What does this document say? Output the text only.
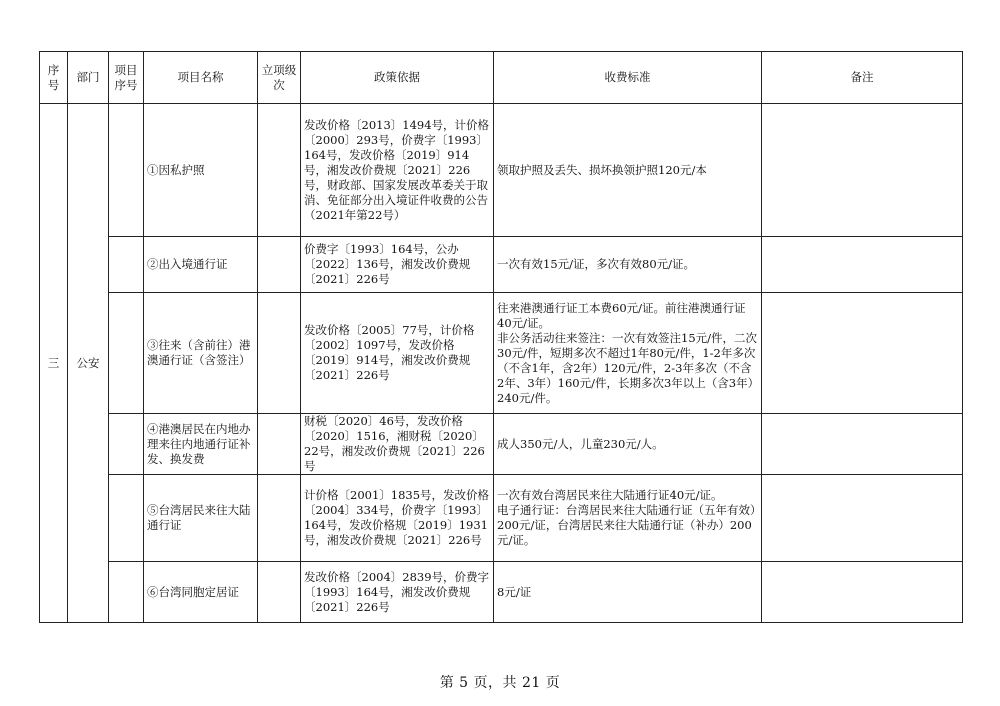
序号	部门	项目序号	项目名称	立项级次	政策依据	收费标准	备注
三	公安		①因私护照		发改价格〔2013〕1494号，计价格〔2000〕293号，价费字〔1993〕164号，发改价格〔2019〕914号，湘发改价费规〔2021〕226号，财政部、国家发展改革委关于取消、免征部分出入境证件收费的公告（2021年第22号）	领取护照及丢失、损坏换领护照120元/本	
			②出入境通行证		价费字〔1993〕164号，公办〔2022〕136号，湘发改价费规〔2021〕226号	一次有效15元/证，多次有效80元/证。	
			③往来（含前往）港澳通行证（含签注）		发改价格〔2005〕77号，计价格〔2002〕1097号，发改价格〔2019〕914号，湘发改价费规〔2021〕226号	往来港澳通行证工本费60元/证。前往港澳通行证40元/证。
非公务活动往来签注：一次有效签注15元/件，二次30元/件，短期多次不超过1年80元/件，1-2年多次（不含1年，含2年）120元/件，2-3年多次（不含2年、3年）160元/件，长期多次3年以上（含3年）240元/件。	
			④港澳居民在内地办理来往内地通行证补发、换发费		财税〔2020〕46号，发改价格〔2020〕1516，湘财税〔2020〕22号，湘发改价费规〔2021〕226号	成人350元/人，儿童230元/人。	
			⑤台湾居民来往大陆通行证		计价格〔2001〕1835号，发改价格〔2004〕334号，价费字〔1993〕164号，发改价格规〔2019〕1931号，湘发改价费规〔2021〕226号	一次有效台湾居民来往大陆通行证40元/证。
电子通行证：台湾居民来往大陆通行证（五年有效）200元/证，台湾居民来往大陆通行证（补办）200元/证。	
			⑥台湾同胞定居证		发改价格〔2004〕2839号，价费字〔1993〕164号，湘发改价费规〔2021〕226号	8元/证	
第 5 页，共 21 页
